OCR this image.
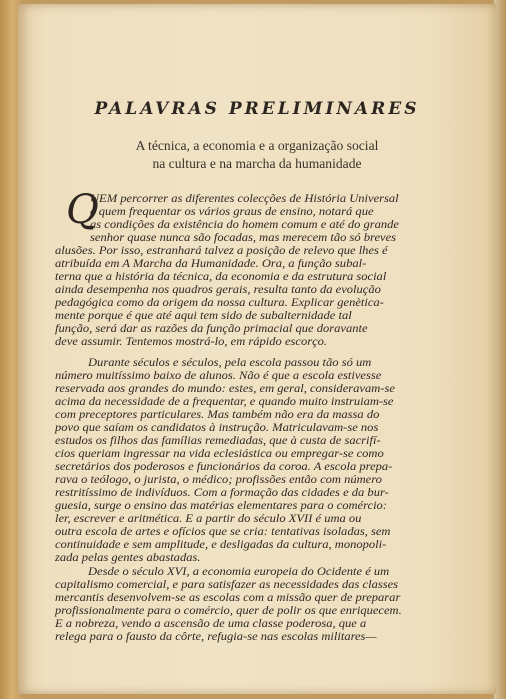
PALAVRAS PRELIMINARES
A técnica, a economia e a organização social
na cultura e na marcha da humanidade
Q
UEM percorrer as diferentes colecções de História Universal
e quem frequentar os vários graus de ensino, notará que
as condições da existência do homem comum e até do grande
senhor quase nunca são focadas, mas merecem tão só breves
alusões. Por isso, estranhará talvez a posição de relevo que lhes é
atribuída em A Marcha da Humanidade. Ora, a função subal-
terna que a história da técnica, da economia e da estrutura social
ainda desempenha nos quadros gerais, resulta tanto da evolução
pedagógica como da origem da nossa cultura. Explicar genètica-
mente porque é que até aqui tem sido de subalternidade tal
função, será dar as razões da função primacial que doravante
deve assumir. Tentemos mostrá-lo, em rápido escorço.
Durante séculos e séculos, pela escola passou tão só um
número muitíssimo baixo de alunos. Não é que a escola estivesse
reservada aos grandes do mundo: estes, em geral, consideravam-se
acima da necessidade de a frequentar, e quando muito instruiam-se
com preceptores particulares. Mas também não era da massa do
povo que saíam os candidatos à instrução. Matriculavam-se nos
estudos os filhos das famílias remediadas, que à custa de sacrifí-
cios queriam ingressar na vida eclesiástica ou empregar-se como
secretários dos poderosos e funcionários da coroa. A escola prepa-
rava o teólogo, o jurista, o médico; profissões então com número
restritíssimo de indivíduos. Com a formação das cidades e da bur-
guesia, surge o ensino das matérias elementares para o comércio:
ler, escrever e aritmética. E a partir do século XVII é uma ou
outra escola de artes e ofícios que se cria: tentativas isoladas, sem
continuidade e sem amplitude, e desligadas da cultura, monopoli-
zada pelas gentes abastadas.
Desde o século XVI, a economia europeia do Ocidente é um
capitalismo comercial, e para satisfazer as necessidades das classes
mercantis desenvolvem-se as escolas com a missão quer de preparar
profissionalmente para o comércio, quer de polir os que enriquecem.
E a nobreza, vendo a ascensão de uma classe poderosa, que a
relega para o fausto da côrte, refugia-se nas escolas militares—
